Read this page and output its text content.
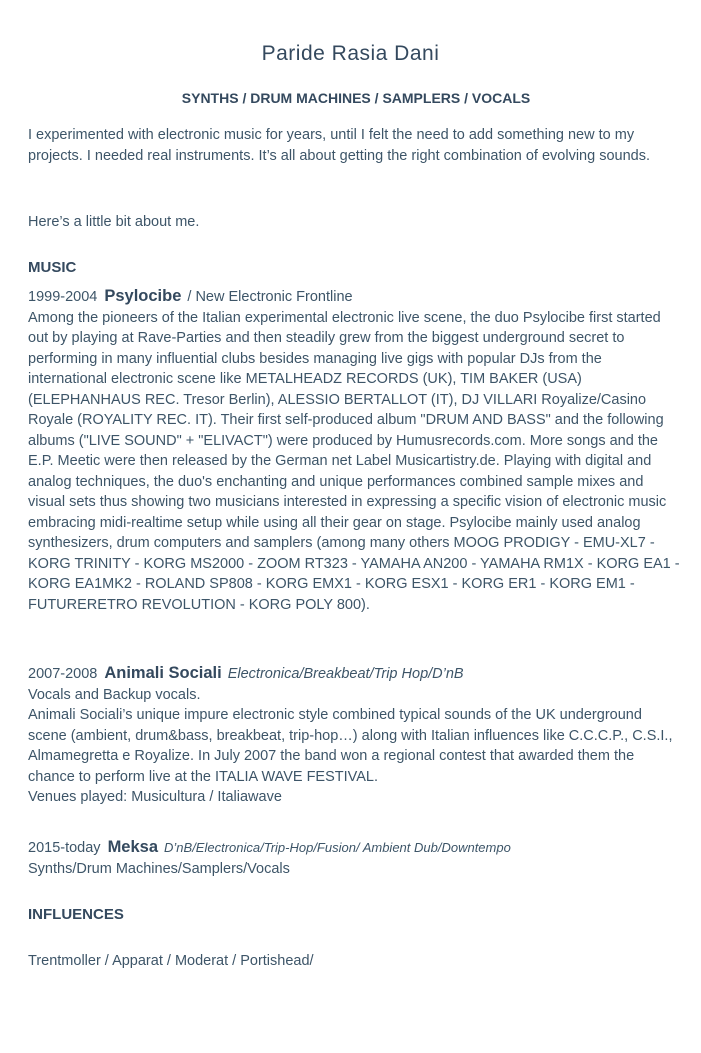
Paride Rasia Dani
SYNTHS / DRUM MACHINES / SAMPLERS / VOCALS

I experimented with electronic music for years, until I felt the need to add something new to my projects. I needed real instruments. It’s all about getting the right combination of evolving sounds.

Here’s a little bit about me.

MUSIC
1999-2004 Psylocibe / New Electronic Frontline

Among the pioneers of the Italian experimental electronic live scene, the duo Psylocibe first started out by playing at Rave-Parties and then steadily grew from the biggest underground secret to performing in many influential clubs besides managing live gigs with popular DJs from the international electronic scene like METALHEADZ RECORDS (UK), TIM BAKER (USA) (ELEPHANHAUS REC. Tresor Berlin), ALESSIO BERTALLOT (IT), DJ VILLARI Royalize/Casino Royale (ROYALITY REC. IT). Their first self-produced album "DRUM AND BASS" and the following albums ("LIVE SOUND" + "ELIVACT") were produced by Humusrecords.com. More songs and the E.P. Meetic were then released by the German net Label Musicartistry.de. Playing with digital and analog techniques, the duo's enchanting and unique performances combined sample mixes and visual sets thus showing two musicians interested in expressing a specific vision of electronic music embracing midi-realtime setup while using all their gear on stage. Psylocibe mainly used analog synthesizers, drum computers and samplers (among many others MOOG PRODIGY - EMU-XL7 - KORG TRINITY - KORG MS2000 - ZOOM RT323 - YAMAHA AN200 - YAMAHA RM1X - KORG EA1 - KORG EA1MK2 - ROLAND SP808 - KORG EMX1 - KORG ESX1 - KORG ER1 - KORG EM1 - FUTURERETRO REVOLUTION - KORG POLY 800).

2007-2008 Animali Sociali Electronica/Breakbeat/Trip Hop/D’nB

Vocals and Backup vocals.

Animali Sociali’s unique impure electronic style combined typical sounds of the UK underground scene (ambient, drum&bass, breakbeat, trip-hop…) along with Italian influences like C.C.C.P., C.S.I., Almamegretta e Royalize. In July 2007 the band won a regional contest that awarded them the chance to perform live at the ITALIA WAVE FESTIVAL.

Venues played: Musicultura / Italiawave

2015-today Meksa D’nB/Electronica/Trip-Hop/Fusion/ Ambient Dub/Downtempo

Synths/Drum Machines/Samplers/Vocals

INFLUENCES

Trentmoller / Apparat / Moderat / Portishead/
